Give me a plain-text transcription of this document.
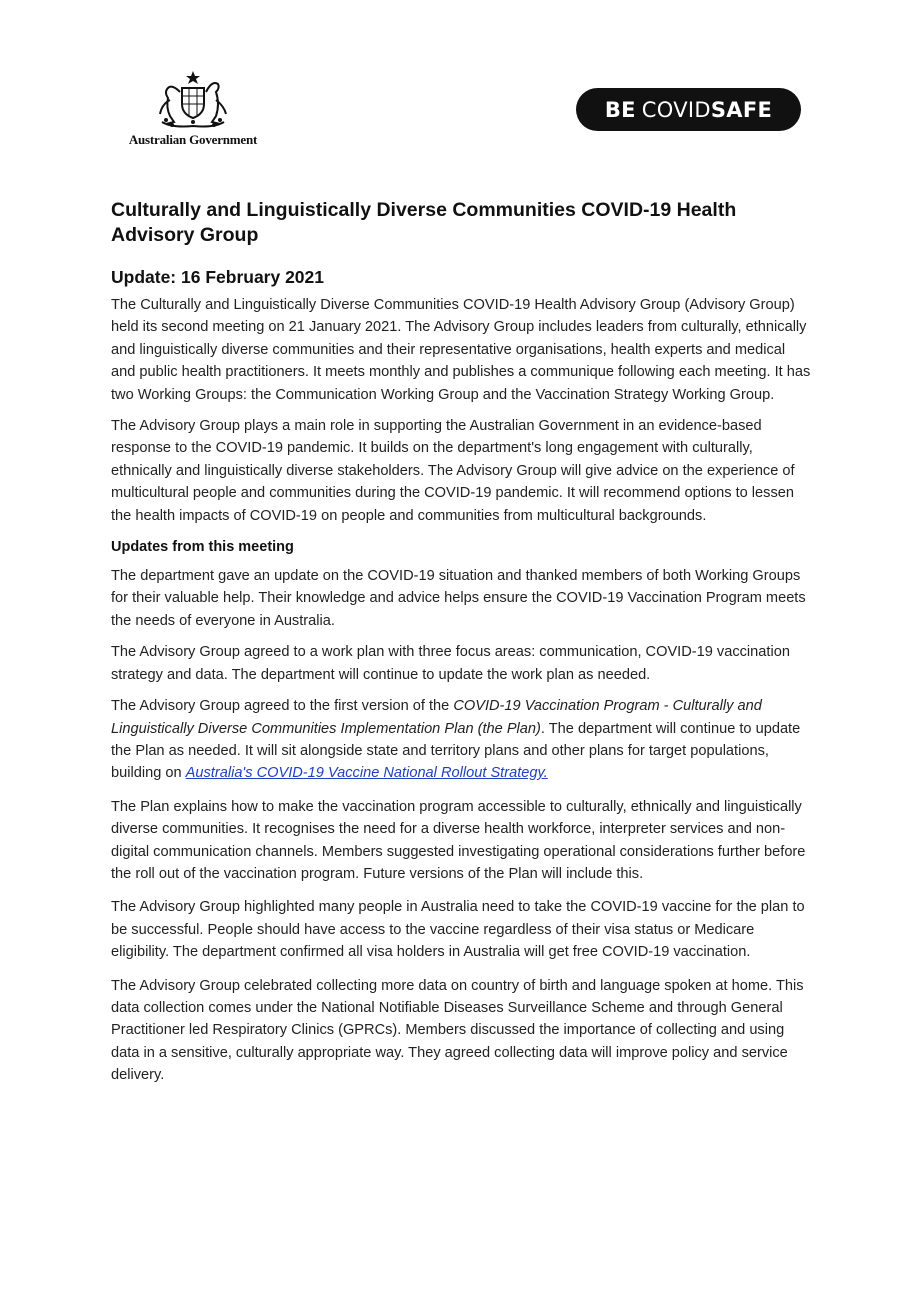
Australian Government
BE COVID SAFE
Culturally and Linguistically Diverse Communities COVID-19 Health Advisory Group
Update: 16 February 2021

The Culturally and Linguistically Diverse Communities COVID-19 Health Advisory Group (Advisory Group) held its second meeting on 21 January 2021. The Advisory Group includes leaders from culturally, ethnically and linguistically diverse communities and their representative organisations, health experts and medical and public health practitioners. It meets monthly and publishes a communique following each meeting. It has two Working Groups: the Communication Working Group and the Vaccination Strategy Working Group.

The Advisory Group plays a main role in supporting the Australian Government in an evidence-based response to the COVID-19 pandemic. It builds on the department's long engagement with culturally, ethnically and linguistically diverse stakeholders. The Advisory Group will give advice on the experience of multicultural people and communities during the COVID-19 pandemic. It will recommend options to lessen the health impacts of COVID-19 on people and communities from multicultural backgrounds.

Updates from this meeting

The department gave an update on the COVID-19 situation and thanked members of both Working Groups for their valuable help. Their knowledge and advice helps ensure the COVID-19 Vaccination Program meets the needs of everyone in Australia.

The Advisory Group agreed to a work plan with three focus areas: communication, COVID-19 vaccination strategy and data. The department will continue to update the work plan as needed.

The Advisory Group agreed to the first version of the COVID-19 Vaccination Program - Culturally and Linguistically Diverse Communities Implementation Plan (the Plan). The department will continue to update the Plan as needed. It will sit alongside state and territory plans and other plans for target populations, building on Australia's COVID-19 Vaccine National Rollout Strategy.

The Plan explains how to make the vaccination program accessible to culturally, ethnically and linguistically diverse communities. It recognises the need for a diverse health workforce, interpreter services and non-digital communication channels. Members suggested investigating operational considerations further before the roll out of the vaccination program. Future versions of the Plan will include this.

The Advisory Group highlighted many people in Australia need to take the COVID-19 vaccine for the plan to be successful. People should have access to the vaccine regardless of their visa status or Medicare eligibility. The department confirmed all visa holders in Australia will get free COVID-19 vaccination.

The Advisory Group celebrated collecting more data on country of birth and language spoken at home. This data collection comes under the National Notifiable Diseases Surveillance Scheme and through General Practitioner led Respiratory Clinics (GPRCs). Members discussed the importance of collecting and using data in a sensitive, culturally appropriate way. They agreed collecting data will improve policy and service delivery.
